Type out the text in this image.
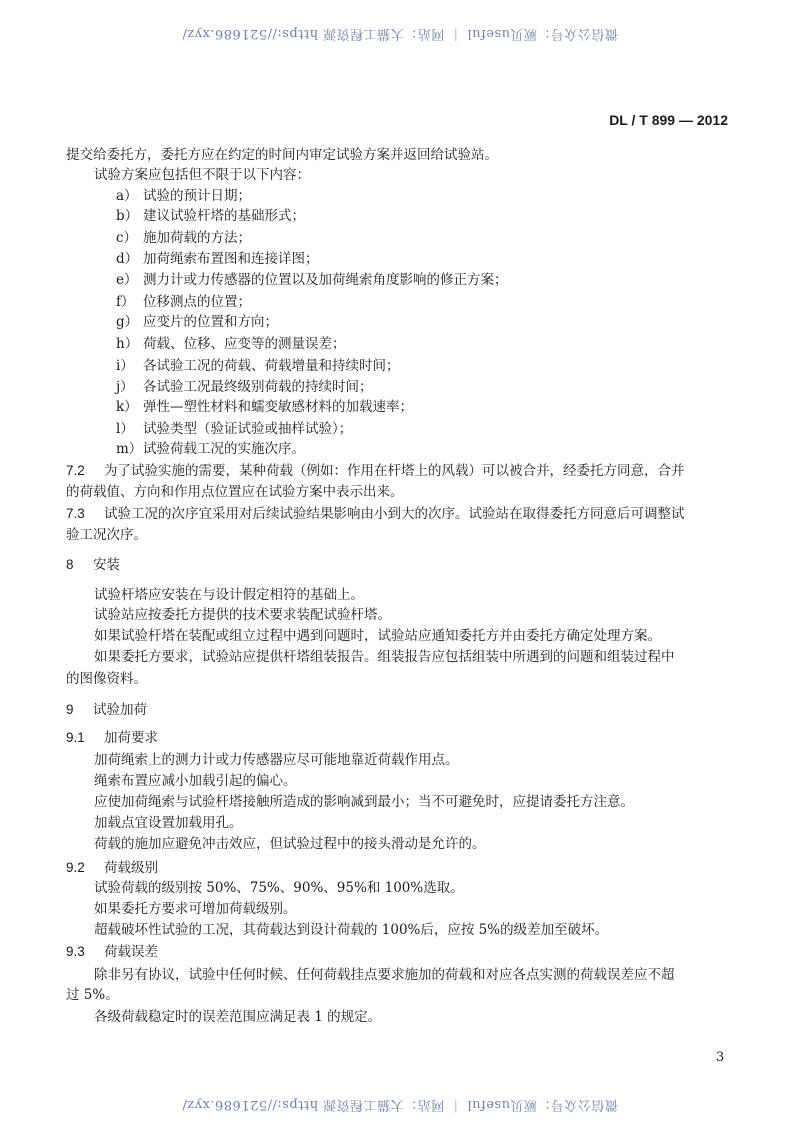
微信公众号：厥贝useful ｜ 网站：大猫工程资源 https://521686.xyz/
DL / T 899 — 2012
提交给委托方，委托方应在约定的时间内审定试验方案并返回给试验站。
试验方案应包括但不限于以下内容：
a） 试验的预计日期；
b） 建议试验杆塔的基础形式；
c） 施加荷载的方法；
d） 加荷绳索布置图和连接详图；
e） 测力计或力传感器的位置以及加荷绳索角度影响的修正方案；
f） 位移测点的位置；
g） 应变片的位置和方向；
h） 荷载、位移、应变等的测量误差；
i） 各试验工况的荷载、荷载增量和持续时间；
j） 各试验工况最终级别荷载的持续时间；
k） 弹性—塑性材料和蠕变敏感材料的加载速率；
l） 试验类型（验证试验或抽样试验）；
m）试验荷载工况的实施次序。
7.2 为了试验实施的需要，某种荷载（例如：作用在杆塔上的风载）可以被合并，经委托方同意，合并
的荷载值、方向和作用点位置应在试验方案中表示出来。
7.3 试验工况的次序宜采用对后续试验结果影响由小到大的次序。试验站在取得委托方同意后可调整试
验工况次序。
8 安装
试验杆塔应安装在与设计假定相符的基础上。
试验站应按委托方提供的技术要求装配试验杆塔。
如果试验杆塔在装配或组立过程中遇到问题时，试验站应通知委托方并由委托方确定处理方案。
如果委托方要求，试验站应提供杆塔组装报告。组装报告应包括组装中所遇到的问题和组装过程中
的图像资料。
9 试验加荷
9.1 加荷要求
加荷绳索上的测力计或力传感器应尽可能地靠近荷载作用点。
绳索布置应减小加载引起的偏心。
应使加荷绳索与试验杆塔接触所造成的影响减到最小；当不可避免时，应提请委托方注意。
加载点宜设置加载用孔。
荷载的施加应避免冲击效应，但试验过程中的接头滑动是允许的。
9.2 荷载级别
试验荷载的级别按 50%、75%、90%、95%和 100%选取。
如果委托方要求可增加荷载级别。
超载破坏性试验的工况，其荷载达到设计荷载的 100%后，应按 5%的级差加至破坏。
9.3 荷载误差
除非另有协议，试验中任何时候、任何荷载挂点要求施加的荷载和对应各点实测的荷载误差应不超
过 5%。
各级荷载稳定时的误差范围应满足表 1 的规定。
3
微信公众号：厥贝useful ｜ 网站：大猫工程资源 https://521686.xyz/
